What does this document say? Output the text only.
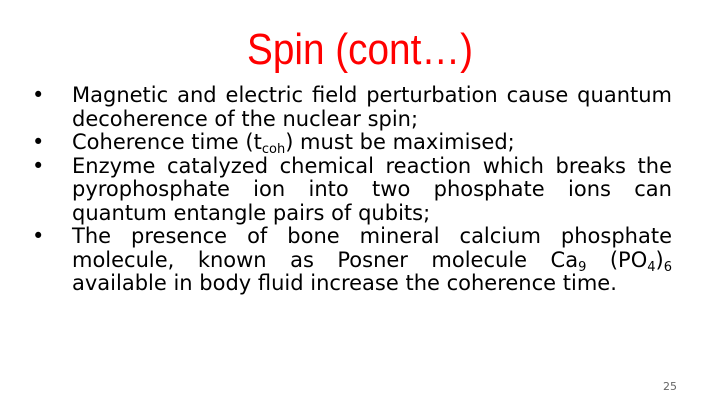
Spin (cont…)
• Magnetic and electric field perturbation cause quantum decoherence of the nuclear spin;
• Coherence time $(t_{coh})$ must be maximised;
• Enzyme catalyzed chemical reaction which breaks the pyrophosphate ion into two phosphate ions can quantum entangle pairs of qubits;
• The presence of bone mineral calcium phosphate molecule, known as Posner molecule $Ca_9$ $(PO_4)_6$ available in body fluid increase the coherence time.
25
